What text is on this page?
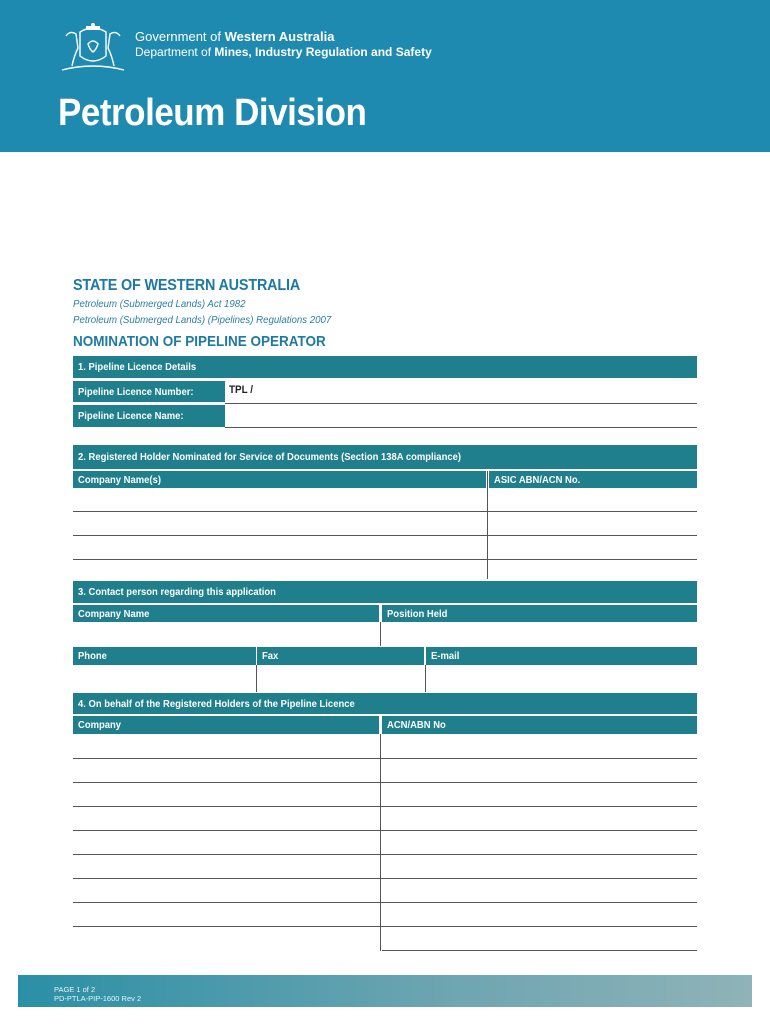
Government of Western Australia
Department of Mines, Industry Regulation and Safety
Petroleum Division
STATE OF WESTERN AUSTRALIA
Petroleum (Submerged Lands) Act 1982
Petroleum (Submerged Lands) (Pipelines) Regulations 2007
NOMINATION OF PIPELINE OPERATOR
1. Pipeline Licence Details
Pipeline Licence Number:	TPL /
Pipeline Licence Name:
2. Registered Holder Nominated for Service of Documents (Section 138A compliance)
Company Name(s)	ASIC ABN/ACN No.
3. Contact person regarding this application
Company Name	Position Held
Phone	Fax	E-mail
4. On behalf of the Registered Holders of the Pipeline Licence
Company	ACN/ABN No
PAGE 1 of 2
PD-PTLA-PIP-1600 Rev 2
